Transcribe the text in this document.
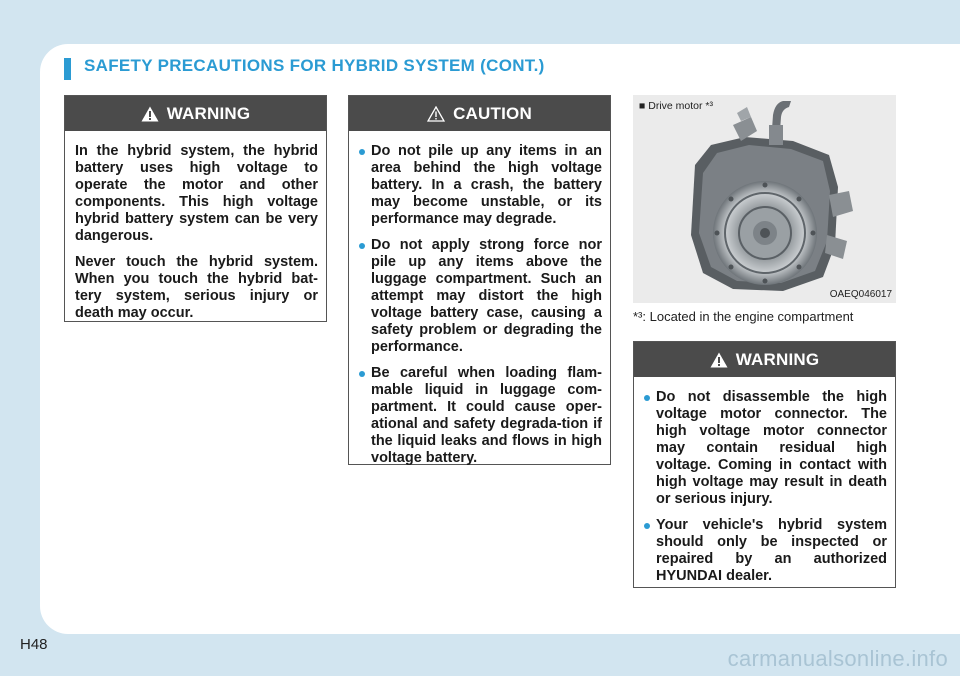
SAFETY PRECAUTIONS FOR HYBRID SYSTEM (CONT.)
WARNING

In the hybrid system, the hybrid battery uses high voltage to operate the motor and other components. This high voltage hybrid battery system can be very dangerous.

Never touch the hybrid system. When you touch the hybrid bat-tery system, serious injury or death may occur.

CAUTION
Do not pile up any items in an area behind the high voltage battery. In a crash, the battery may become unstable, or its performance may degrade.
Do not apply strong force nor pile up any items above the luggage compartment. Such an attempt may distort the high voltage battery case, causing a safety problem or degrading the performance.
Be careful when loading flam-mable liquid in luggage com-partment. It could cause oper-ational and safety degrada-tion if the liquid leaks and flows in high voltage battery.
■ Drive motor *³
OAEQ046017
*³: Located in the engine compartment
WARNING
Do not disassemble the high voltage motor connector. The high voltage motor connector may contain residual high voltage. Coming in contact with high voltage may result in death or serious injury.
Your vehicle's hybrid system should only be inspected or repaired by an authorized HYUNDAI dealer.
H48
carmanualsonline.info
